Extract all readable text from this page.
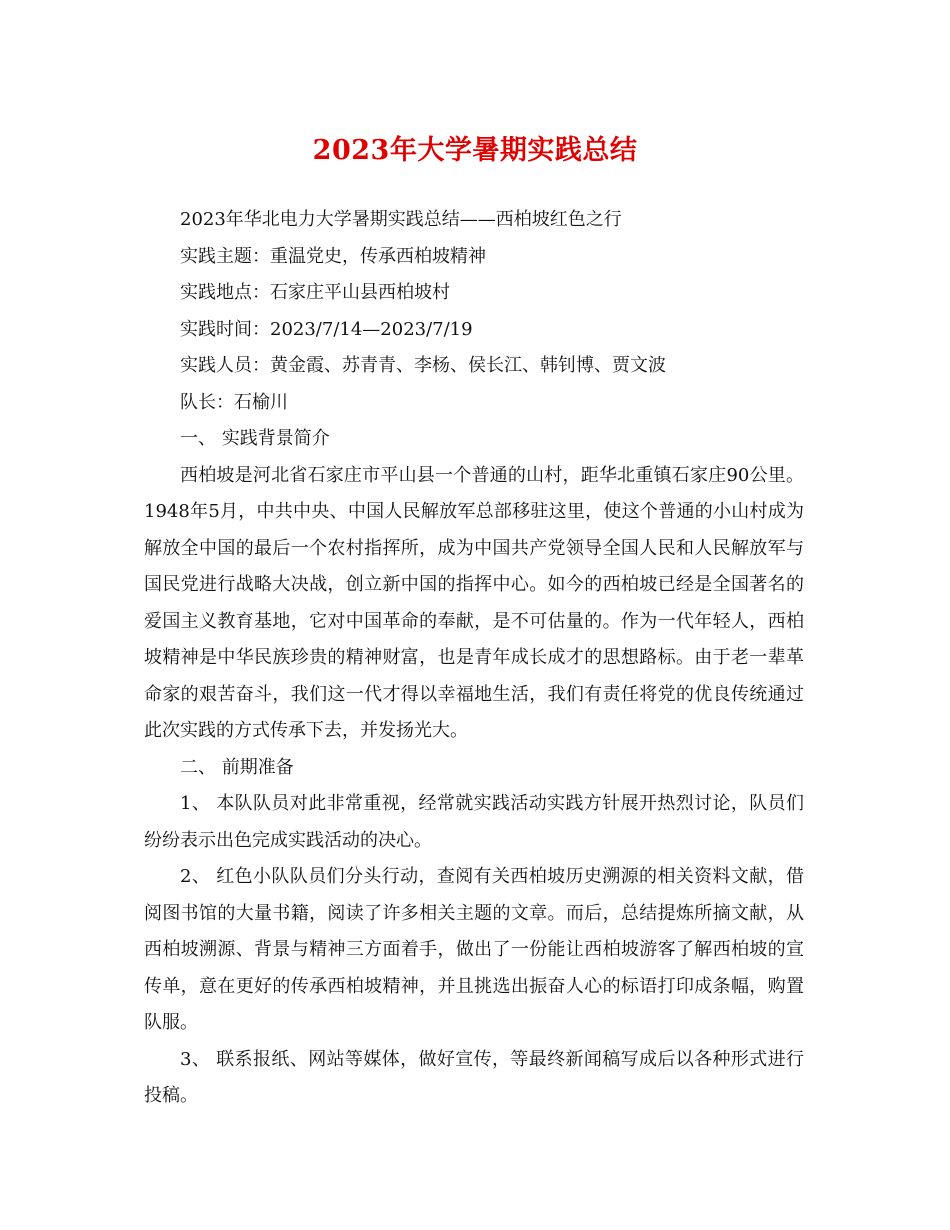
2023年大学暑期实践总结

2023年华北电力大学暑期实践总结——西柏坡红色之行

实践主题：重温党史，传承西柏坡精神

实践地点：石家庄平山县西柏坡村

实践时间：2023/7/14—2023/7/19

实践人员：黄金霞、苏青青、李杨、侯长江、韩钊博、贾文波

队长：石榆川

一、 实践背景简介

西柏坡是河北省石家庄市平山县一个普通的山村，距华北重镇石家庄90公里。1948年5月，中共中央、中国人民解放军总部移驻这里，使这个普通的小山村成为解放全中国的最后一个农村指挥所，成为中国共产党领导全国人民和人民解放军与国民党进行战略大决战，创立新中国的指挥中心。如今的西柏坡已经是全国著名的爱国主义教育基地，它对中国革命的奉献，是不可估量的。作为一代年轻人，西柏坡精神是中华民族珍贵的精神财富，也是青年成长成才的思想路标。由于老一辈革命家的艰苦奋斗，我们这一代才得以幸福地生活，我们有责任将党的优良传统通过此次实践的方式传承下去，并发扬光大。

二、 前期准备

1、 本队队员对此非常重视，经常就实践活动实践方针展开热烈讨论，队员们纷纷表示出色完成实践活动的决心。

2、 红色小队队员们分头行动，查阅有关西柏坡历史溯源的相关资料文献，借阅图书馆的大量书籍，阅读了许多相关主题的文章。而后，总结提炼所摘文献，从西柏坡溯源、背景与精神三方面着手，做出了一份能让西柏坡游客了解西柏坡的宣传单，意在更好的传承西柏坡精神，并且挑选出振奋人心的标语打印成条幅，购置队服。

3、 联系报纸、网站等媒体，做好宣传，等最终新闻稿写成后以各种形式进行投稿。
